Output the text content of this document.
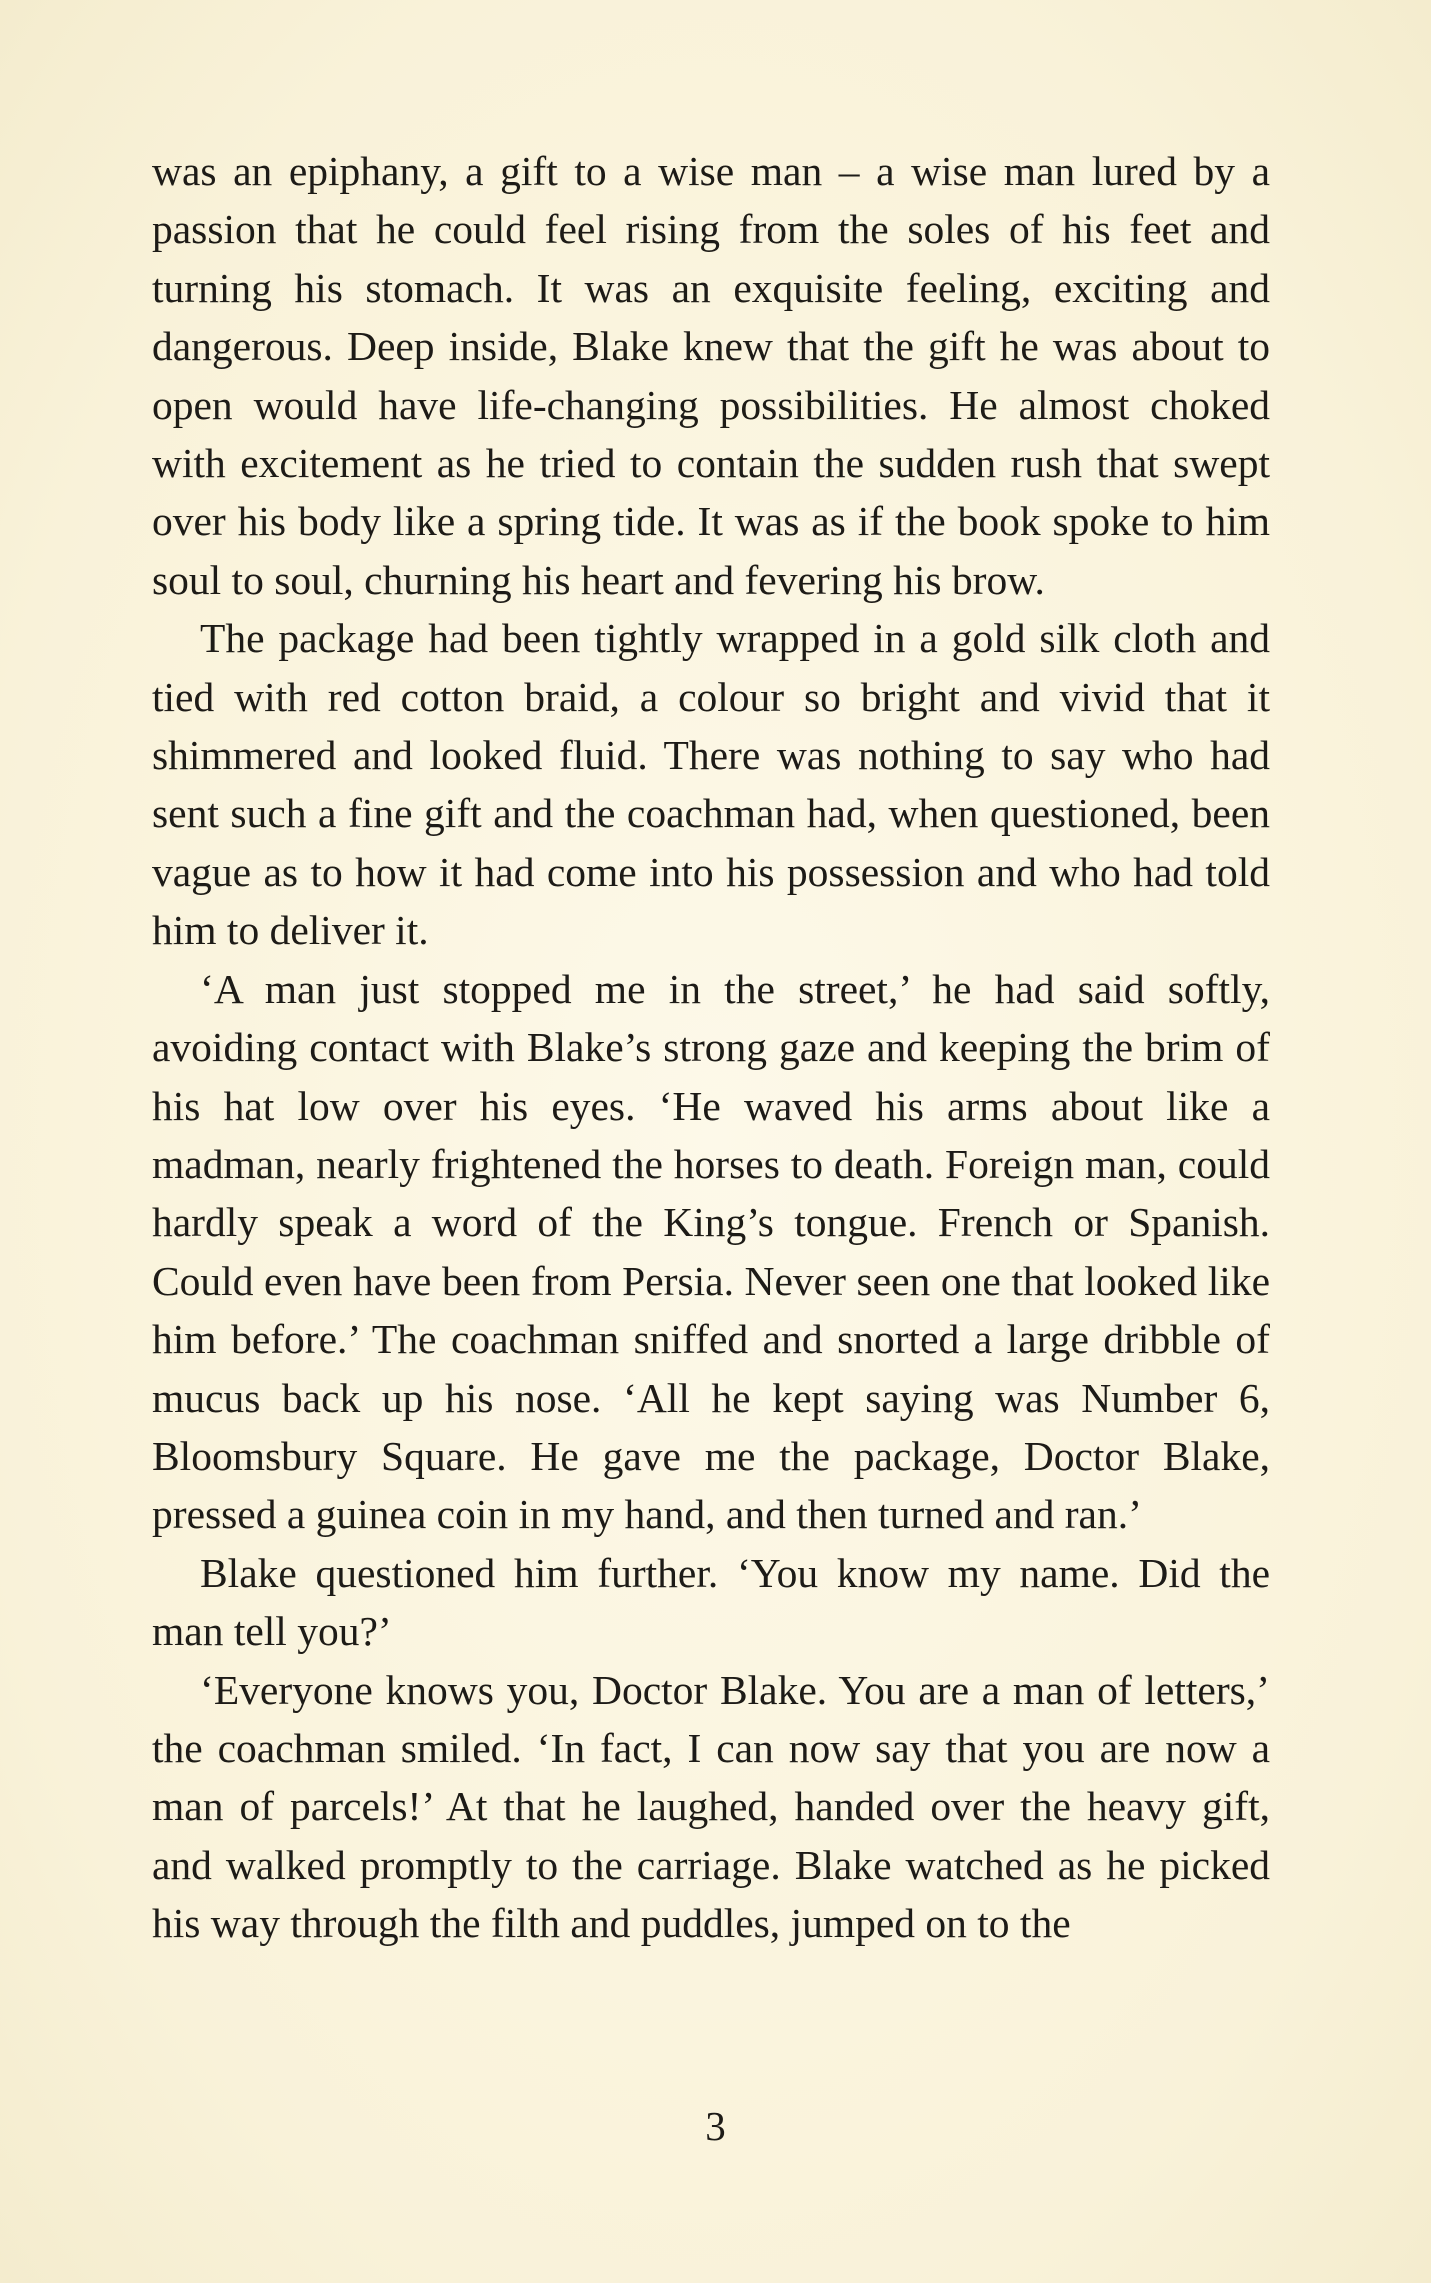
was an epiphany, a gift to a wise man – a wise man lured by a passion that he could feel rising from the soles of his feet and turning his stomach. It was an exquisite feeling, exciting and dangerous. Deep inside, Blake knew that the gift he was about to open would have life-changing possibilities. He almost choked with excitement as he tried to contain the sudden rush that swept over his body like a spring tide. It was as if the book spoke to him soul to soul, churning his heart and fevering his brow.

The package had been tightly wrapped in a gold silk cloth and tied with red cotton braid, a colour so bright and vivid that it shimmered and looked fluid. There was nothing to say who had sent such a fine gift and the coachman had, when questioned, been vague as to how it had come into his possession and who had told him to deliver it.

‘A man just stopped me in the street,’ he had said softly, avoiding contact with Blake’s strong gaze and keeping the brim of his hat low over his eyes. ‘He waved his arms about like a madman, nearly frightened the horses to death. Foreign man, could hardly speak a word of the King’s tongue. French or Spanish. Could even have been from Persia. Never seen one that looked like him before.’ The coachman sniffed and snorted a large dribble of mucus back up his nose. ‘All he kept saying was Number 6, Bloomsbury Square. He gave me the package, Doctor Blake, pressed a guinea coin in my hand, and then turned and ran.’

Blake questioned him further. ‘You know my name. Did the man tell you?’

‘Everyone knows you, Doctor Blake. You are a man of letters,’ the coachman smiled. ‘In fact, I can now say that you are now a man of parcels!’ At that he laughed, handed over the heavy gift, and walked promptly to the carriage. Blake watched as he picked his way through the filth and puddles, jumped on to the

3
